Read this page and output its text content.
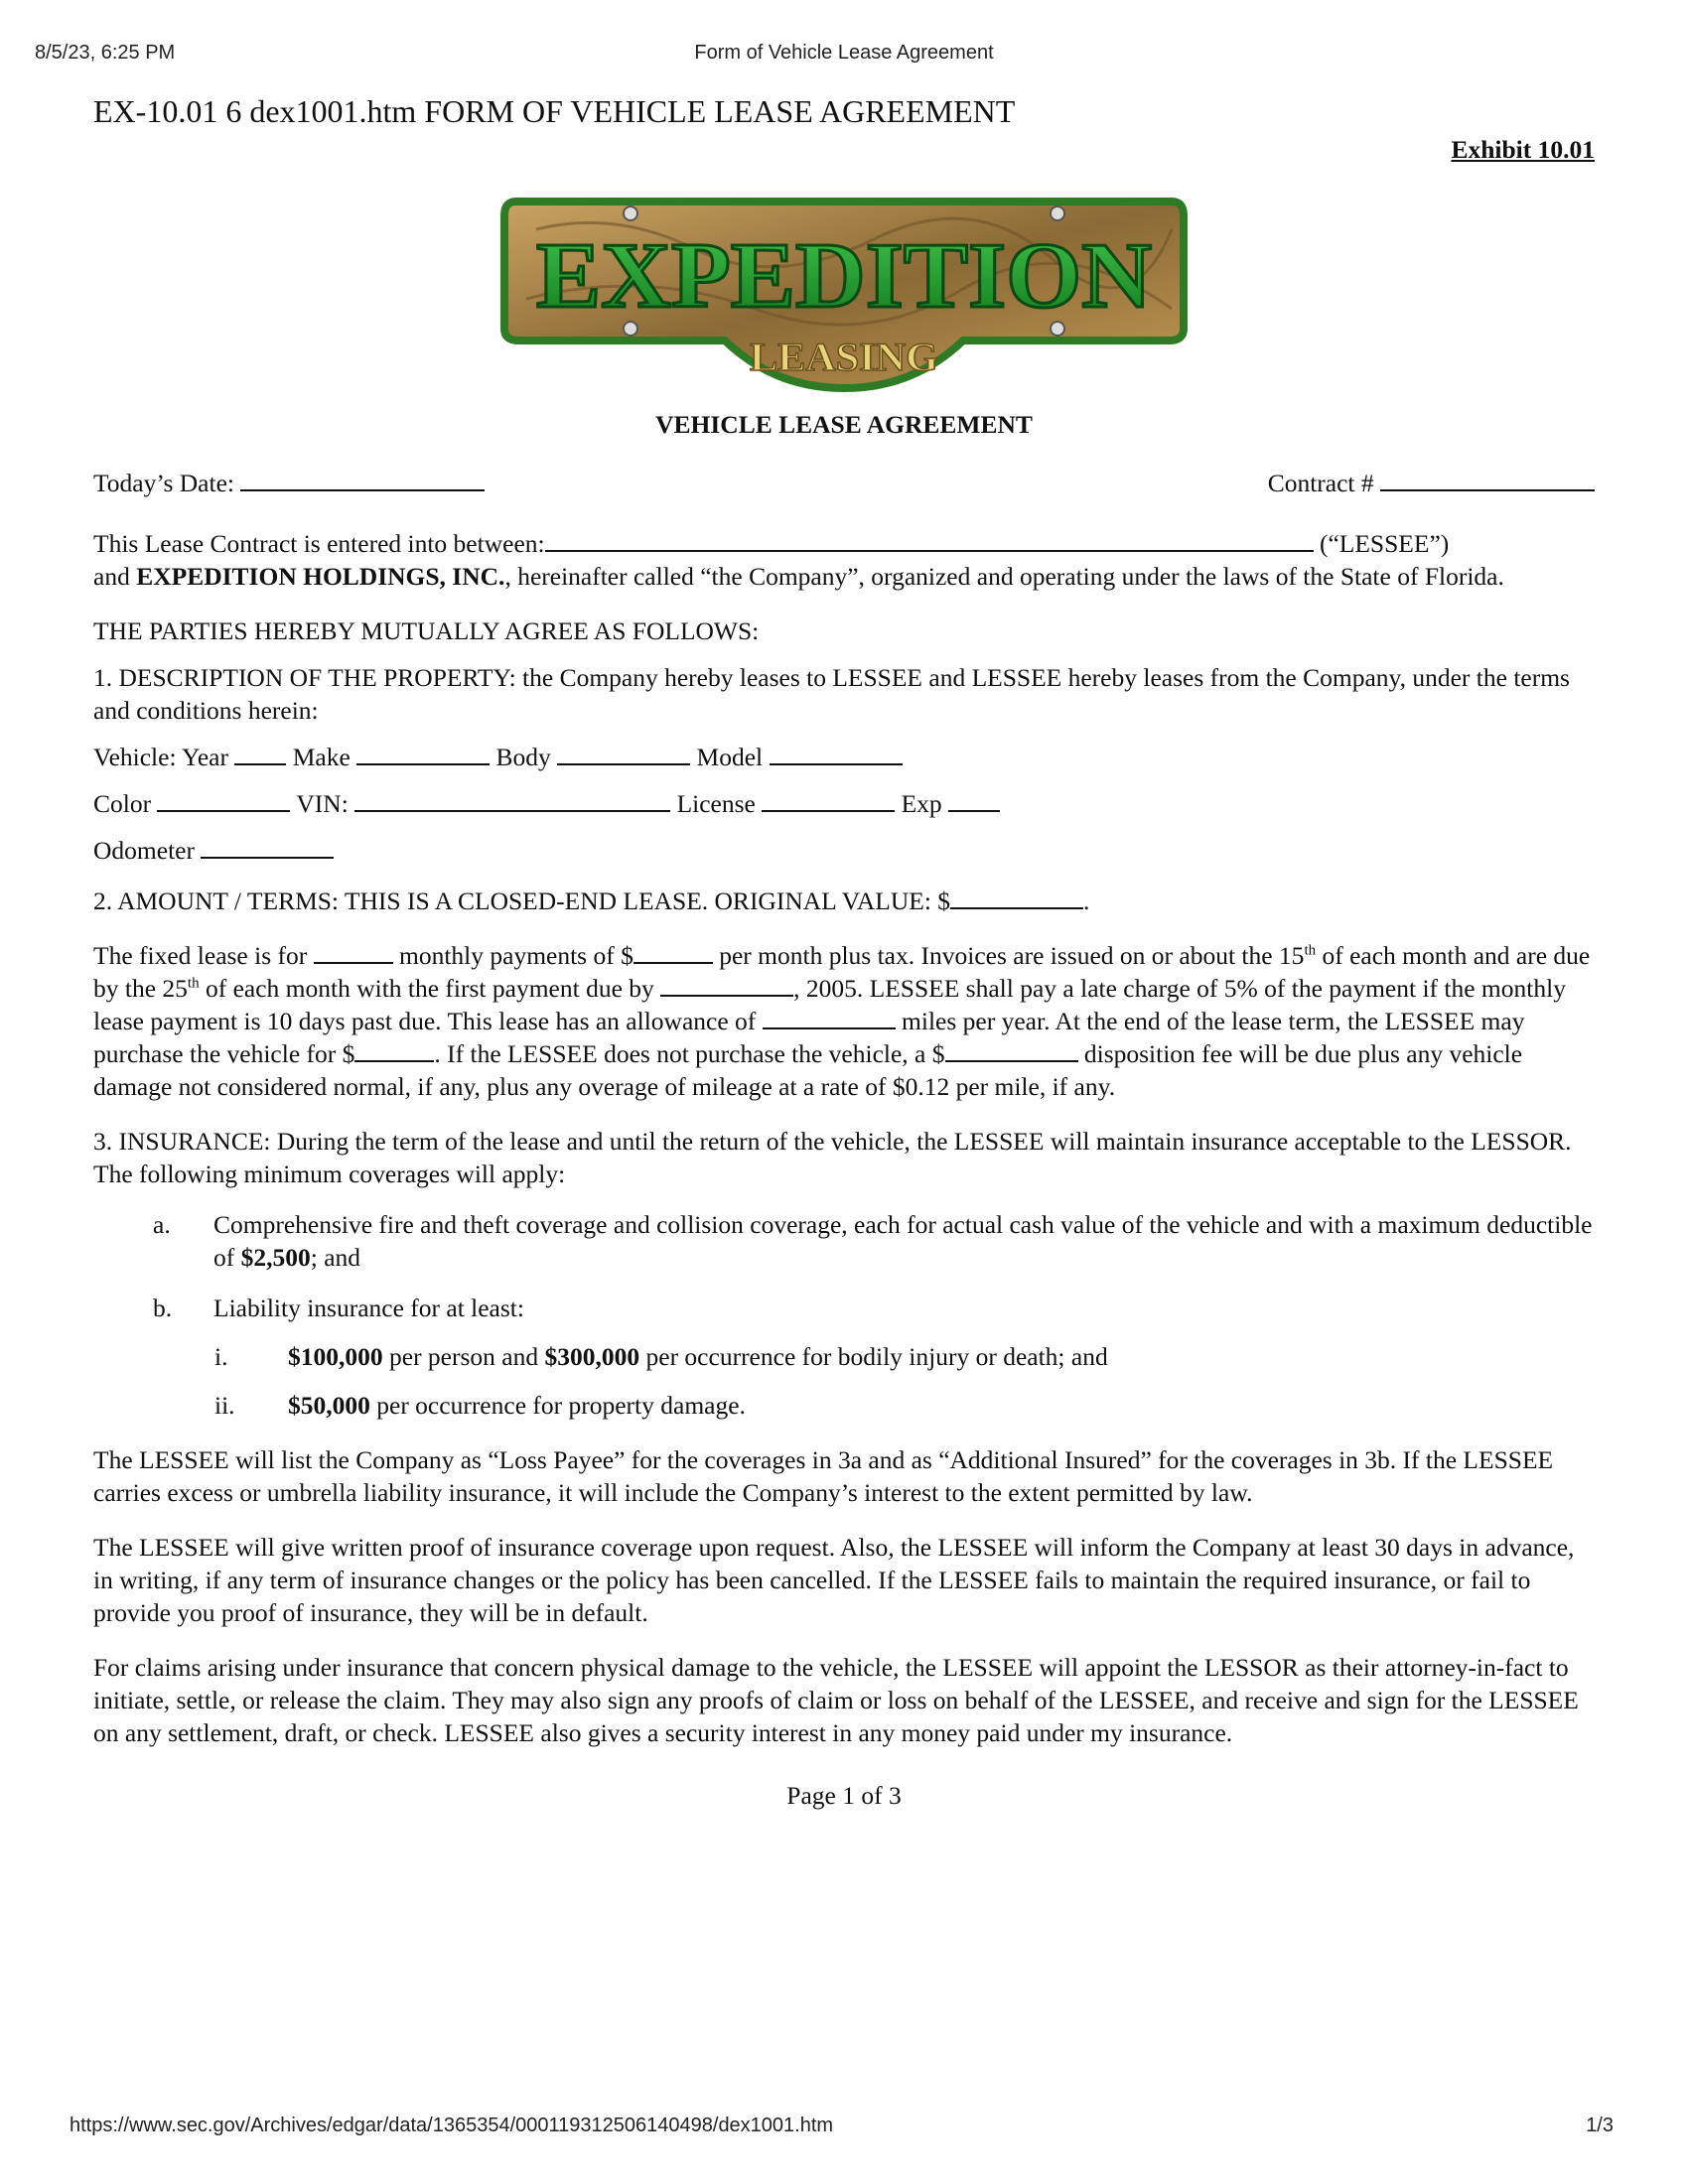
8/5/23, 6:25 PM	Form of Vehicle Lease Agreement
EX-10.01 6 dex1001.htm FORM OF VEHICLE LEASE AGREEMENT
Exhibit 10.01
EXPEDITION
LEASING
VEHICLE LEASE AGREEMENT
Today’s Date:	Contract #

This Lease Contract is entered into between:	(“LESSEE”)
and EXPEDITION HOLDINGS, INC., hereinafter called “the Company”, organized and operating under the laws of the State of Florida.

THE PARTIES HEREBY MUTUALLY AGREE AS FOLLOWS:

1. DESCRIPTION OF THE PROPERTY: the Company hereby leases to LESSEE and LESSEE hereby leases from the Company, under the terms and conditions herein:

Vehicle: Year	Make	Body	Model

Color	VIN:	License	Exp

Odometer

2. AMOUNT / TERMS: THIS IS A CLOSED-END LEASE. ORIGINAL VALUE: $	.

The fixed lease is for	monthly payments of $	per month plus tax. Invoices are issued on or about the 15th of each month and are due by the 25th of each month with the first payment due by	, 2005. LESSEE shall pay a late charge of 5% of the payment if the monthly lease payment is 10 days past due. This lease has an allowance of	miles per year. At the end of the lease term, the LESSEE may purchase the vehicle for $	. If the LESSEE does not purchase the vehicle, a $	disposition fee will be due plus any vehicle damage not considered normal, if any, plus any overage of mileage at a rate of $0.12 per mile, if any.

3. INSURANCE: During the term of the lease and until the return of the vehicle, the LESSEE will maintain insurance acceptable to the LESSOR. The following minimum coverages will apply:

a. Comprehensive fire and theft coverage and collision coverage, each for actual cash value of the vehicle and with a maximum deductible of $2,500; and
b. Liability insurance for at least:
i. $100,000 per person and $300,000 per occurrence for bodily injury or death; and
ii. $50,000 per occurrence for property damage.

The LESSEE will list the Company as “Loss Payee” for the coverages in 3a and as “Additional Insured” for the coverages in 3b. If the LESSEE carries excess or umbrella liability insurance, it will include the Company’s interest to the extent permitted by law.

The LESSEE will give written proof of insurance coverage upon request. Also, the LESSEE will inform the Company at least 30 days in advance, in writing, if any term of insurance changes or the policy has been cancelled. If the LESSEE fails to maintain the required insurance, or fail to provide you proof of insurance, they will be in default.

For claims arising under insurance that concern physical damage to the vehicle, the LESSEE will appoint the LESSOR as their attorney-in-fact to initiate, settle, or release the claim. They may also sign any proofs of claim or loss on behalf of the LESSEE, and receive and sign for the LESSEE on any settlement, draft, or check. LESSEE also gives a security interest in any money paid under my insurance.

Page 1 of 3
https://www.sec.gov/Archives/edgar/data/1365354/000119312506140498/dex1001.htm	1/3
